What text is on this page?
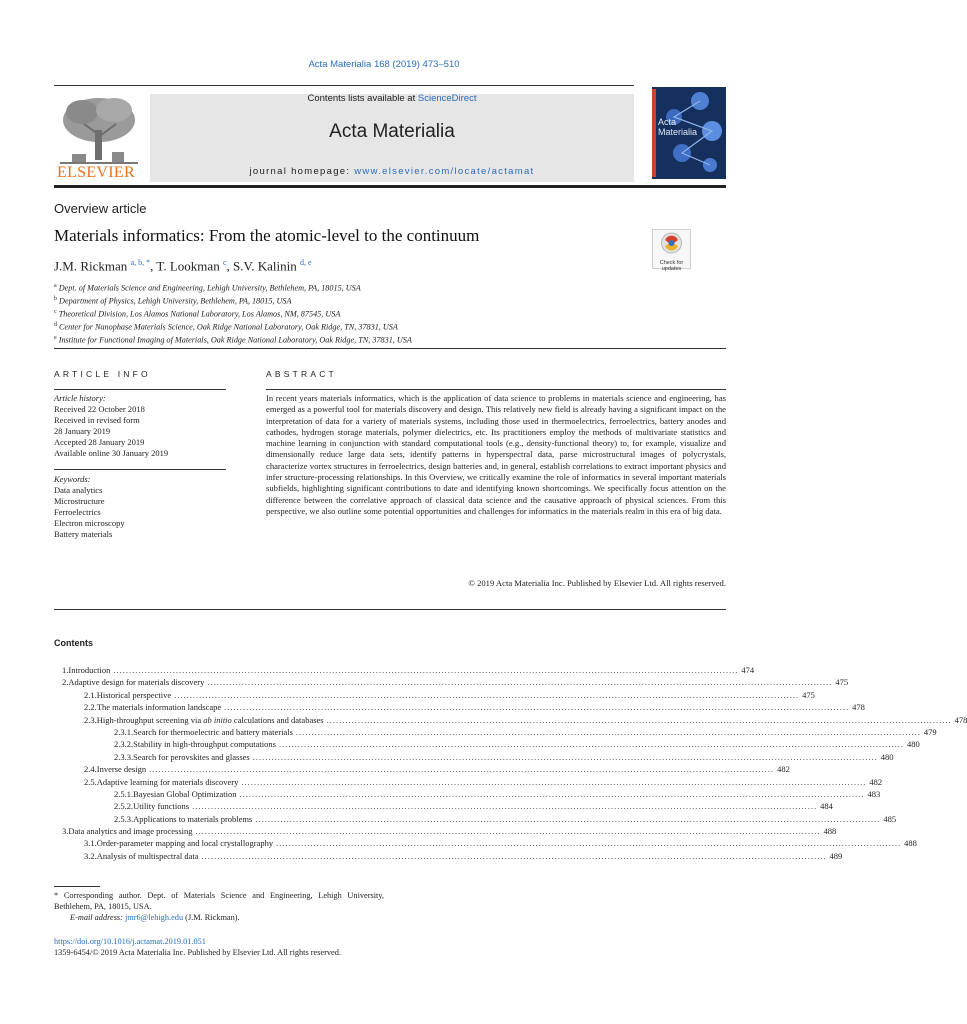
Acta Materialia 168 (2019) 473–510
ELSEVIER
Contents lists available at ScienceDirect
Acta Materialia
journal homepage: www.elsevier.com/locate/actamat
Acta Materialia
Overview article
Materials informatics: From the atomic-level to the continuum
Check for updates
J.M. Rickman $^{a, b, *}$, T. Lookman $^c$, S.V. Kalinin $^{d, e}$
$^a$ Dept. of Materials Science and Engineering, Lehigh University, Bethlehem, PA, 18015, USA
$^b$ Department of Physics, Lehigh University, Bethlehem, PA, 18015, USA
$^c$ Theoretical Division, Los Alamos National Laboratory, Los Alamos, NM, 87545, USA
$^d$ Center for Nanophase Materials Science, Oak Ridge National Laboratory, Oak Ridge, TN, 37831, USA
$^e$ Institute for Functional Imaging of Materials, Oak Ridge National Laboratory, Oak Ridge, TN, 37831, USA
ARTICLE INFO	ABSTRACT
Article history:
Received 22 October 2018
Received in revised form
28 January 2019
Accepted 28 January 2019
Available online 30 January 2019
Keywords:
Data analytics
Microstructure
Ferroelectrics
Electron microscopy
Battery materials
In recent years materials informatics, which is the application of data science to problems in materials science and engineering, has emerged as a powerful tool for materials discovery and design. This relatively new field is already having a significant impact on the interpretation of data for a variety of materials systems, including those used in thermoelectrics, ferroelectrics, battery anodes and cathodes, hydrogen storage materials, polymer dielectrics, etc. Its practitioners employ the methods of multivariate statistics and machine learning in conjunction with standard computational tools (e.g., density-functional theory) to, for example, visualize and dimensionally reduce large data sets, identify patterns in hyperspectral data, parse microstructural images of polycrystals, characterize vortex structures in ferroelectrics, design batteries and, in general, establish correlations to extract important physics and infer structure-processing relationships. In this Overview, we critically examine the role of informatics in several important materials subfields, highlighting significant contributions to date and identifying known shortcomings. We specifically focus attention on the difference between the correlative approach of classical data science and the causative approach of physical sciences. From this perspective, we also outline some potential opportunities and challenges for informatics in the materials realm in this era of big data.
© 2019 Acta Materialia Inc. Published by Elsevier Ltd. All rights reserved.
Contents
1. Introduction ........................................................................................................................................................................................................ 474
2. Adaptive design for materials discovery ........................................................................................................................................................................................................ 475
2.1. Historical perspective ........................................................................................................................................................................................................ 475
2.2. The materials information landscape ........................................................................................................................................................................................................ 478
2.3. High-throughput screening via ab initio calculations and databases ........................................................................................................................................................................................................ 478
2.3.1. Search for thermoelectric and battery materials ........................................................................................................................................................................................................ 479
2.3.2. Stability in high-throughput computations ........................................................................................................................................................................................................ 480
2.3.3. Search for perovskites and glasses ........................................................................................................................................................................................................ 480
2.4. Inverse design ........................................................................................................................................................................................................ 482
2.5. Adaptive learning for materials discovery ........................................................................................................................................................................................................ 482
2.5.1. Bayesian Global Optimization ........................................................................................................................................................................................................ 483
2.5.2. Utility functions ........................................................................................................................................................................................................ 484
2.5.3. Applications to materials problems ........................................................................................................................................................................................................ 485
3. Data analytics and image processing ........................................................................................................................................................................................................ 488
3.1. Order-parameter mapping and local crystallography ........................................................................................................................................................................................................ 488
3.2. Analysis of multispectral data ........................................................................................................................................................................................................ 489
* Corresponding author. Dept. of Materials Science and Engineering, Lehigh University, Bethlehem, PA, 18015, USA.
E-mail address: jmr6@lehigh.edu (J.M. Rickman).
https://doi.org/10.1016/j.actamat.2019.01.051
1359-6454/© 2019 Acta Materialia Inc. Published by Elsevier Ltd. All rights reserved.
